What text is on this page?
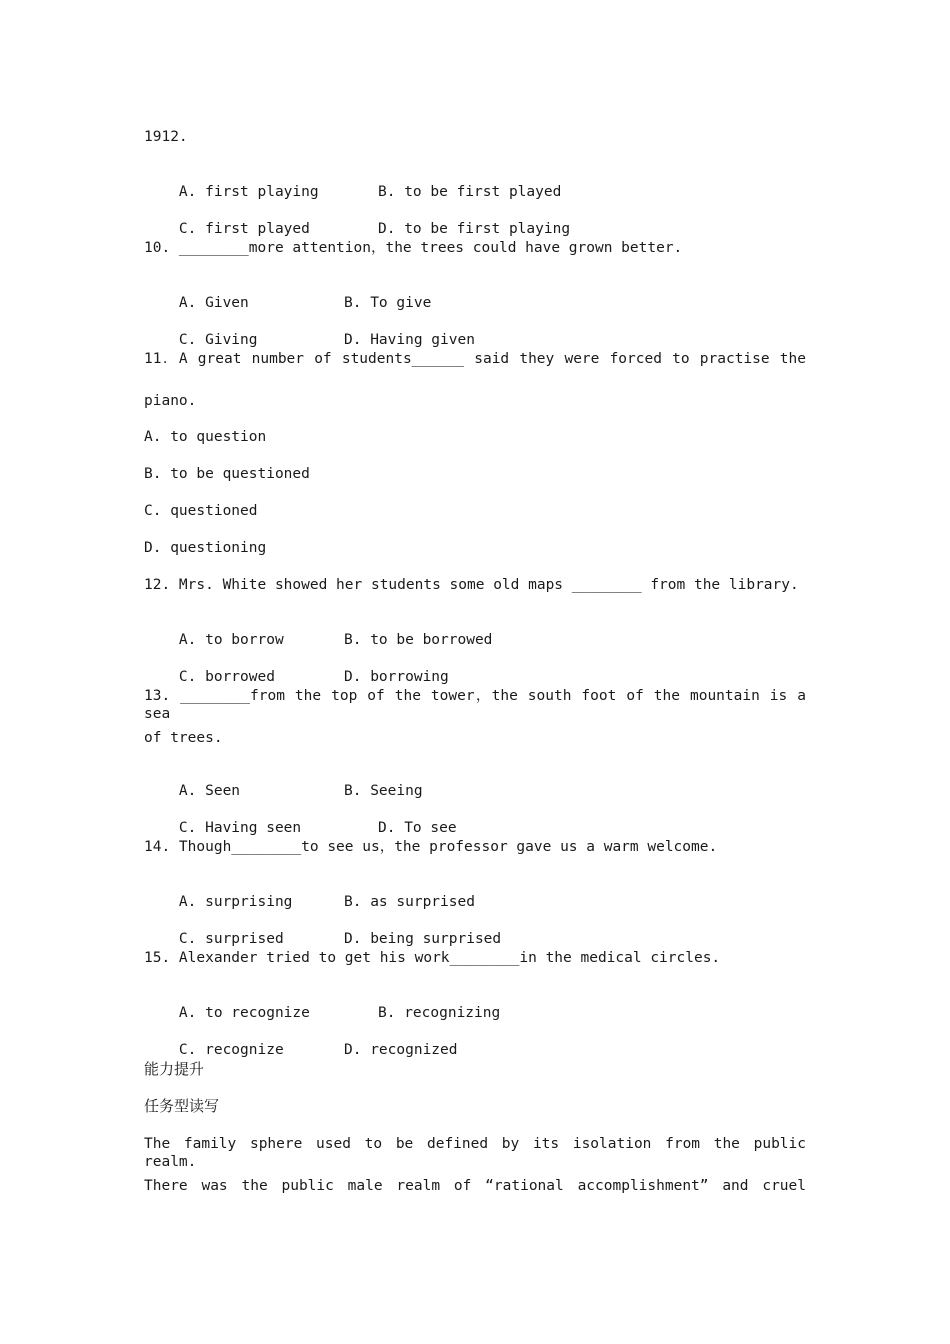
1912.

A. first playing	B. to be first played

C. first played	D. to be first playing

10. ________more attention，the trees could have grown better.

A. Given	B. To give

C. Giving	D. Having given

11．A great number of students______ said they were forced to practise the
piano.
A. to question
B. to be questioned
C. questioned
D. questioning
12. Mrs. White showed her students some old maps ________ from the library.

A. to borrow	B. to be borrowed

C. borrowed	D. borrowing

13. ________from the top of the tower，the south foot of the mountain is a sea
of trees.

A. Seen	B. Seeing

C. Having seen	D. To see

14. Though________to see us，the professor gave us a warm welcome.

A. surprising	B. as surprised

C. surprised	D. being surprised

15. Alexander tried to get his work________in the medical circles.

A. to recognize	B. recognizing

C. recognize	D. recognized

能力提升
任务型读写
The family sphere used to be defined by its isolation from the public realm.
There was the public male realm of “rational accomplishment” and cruel
